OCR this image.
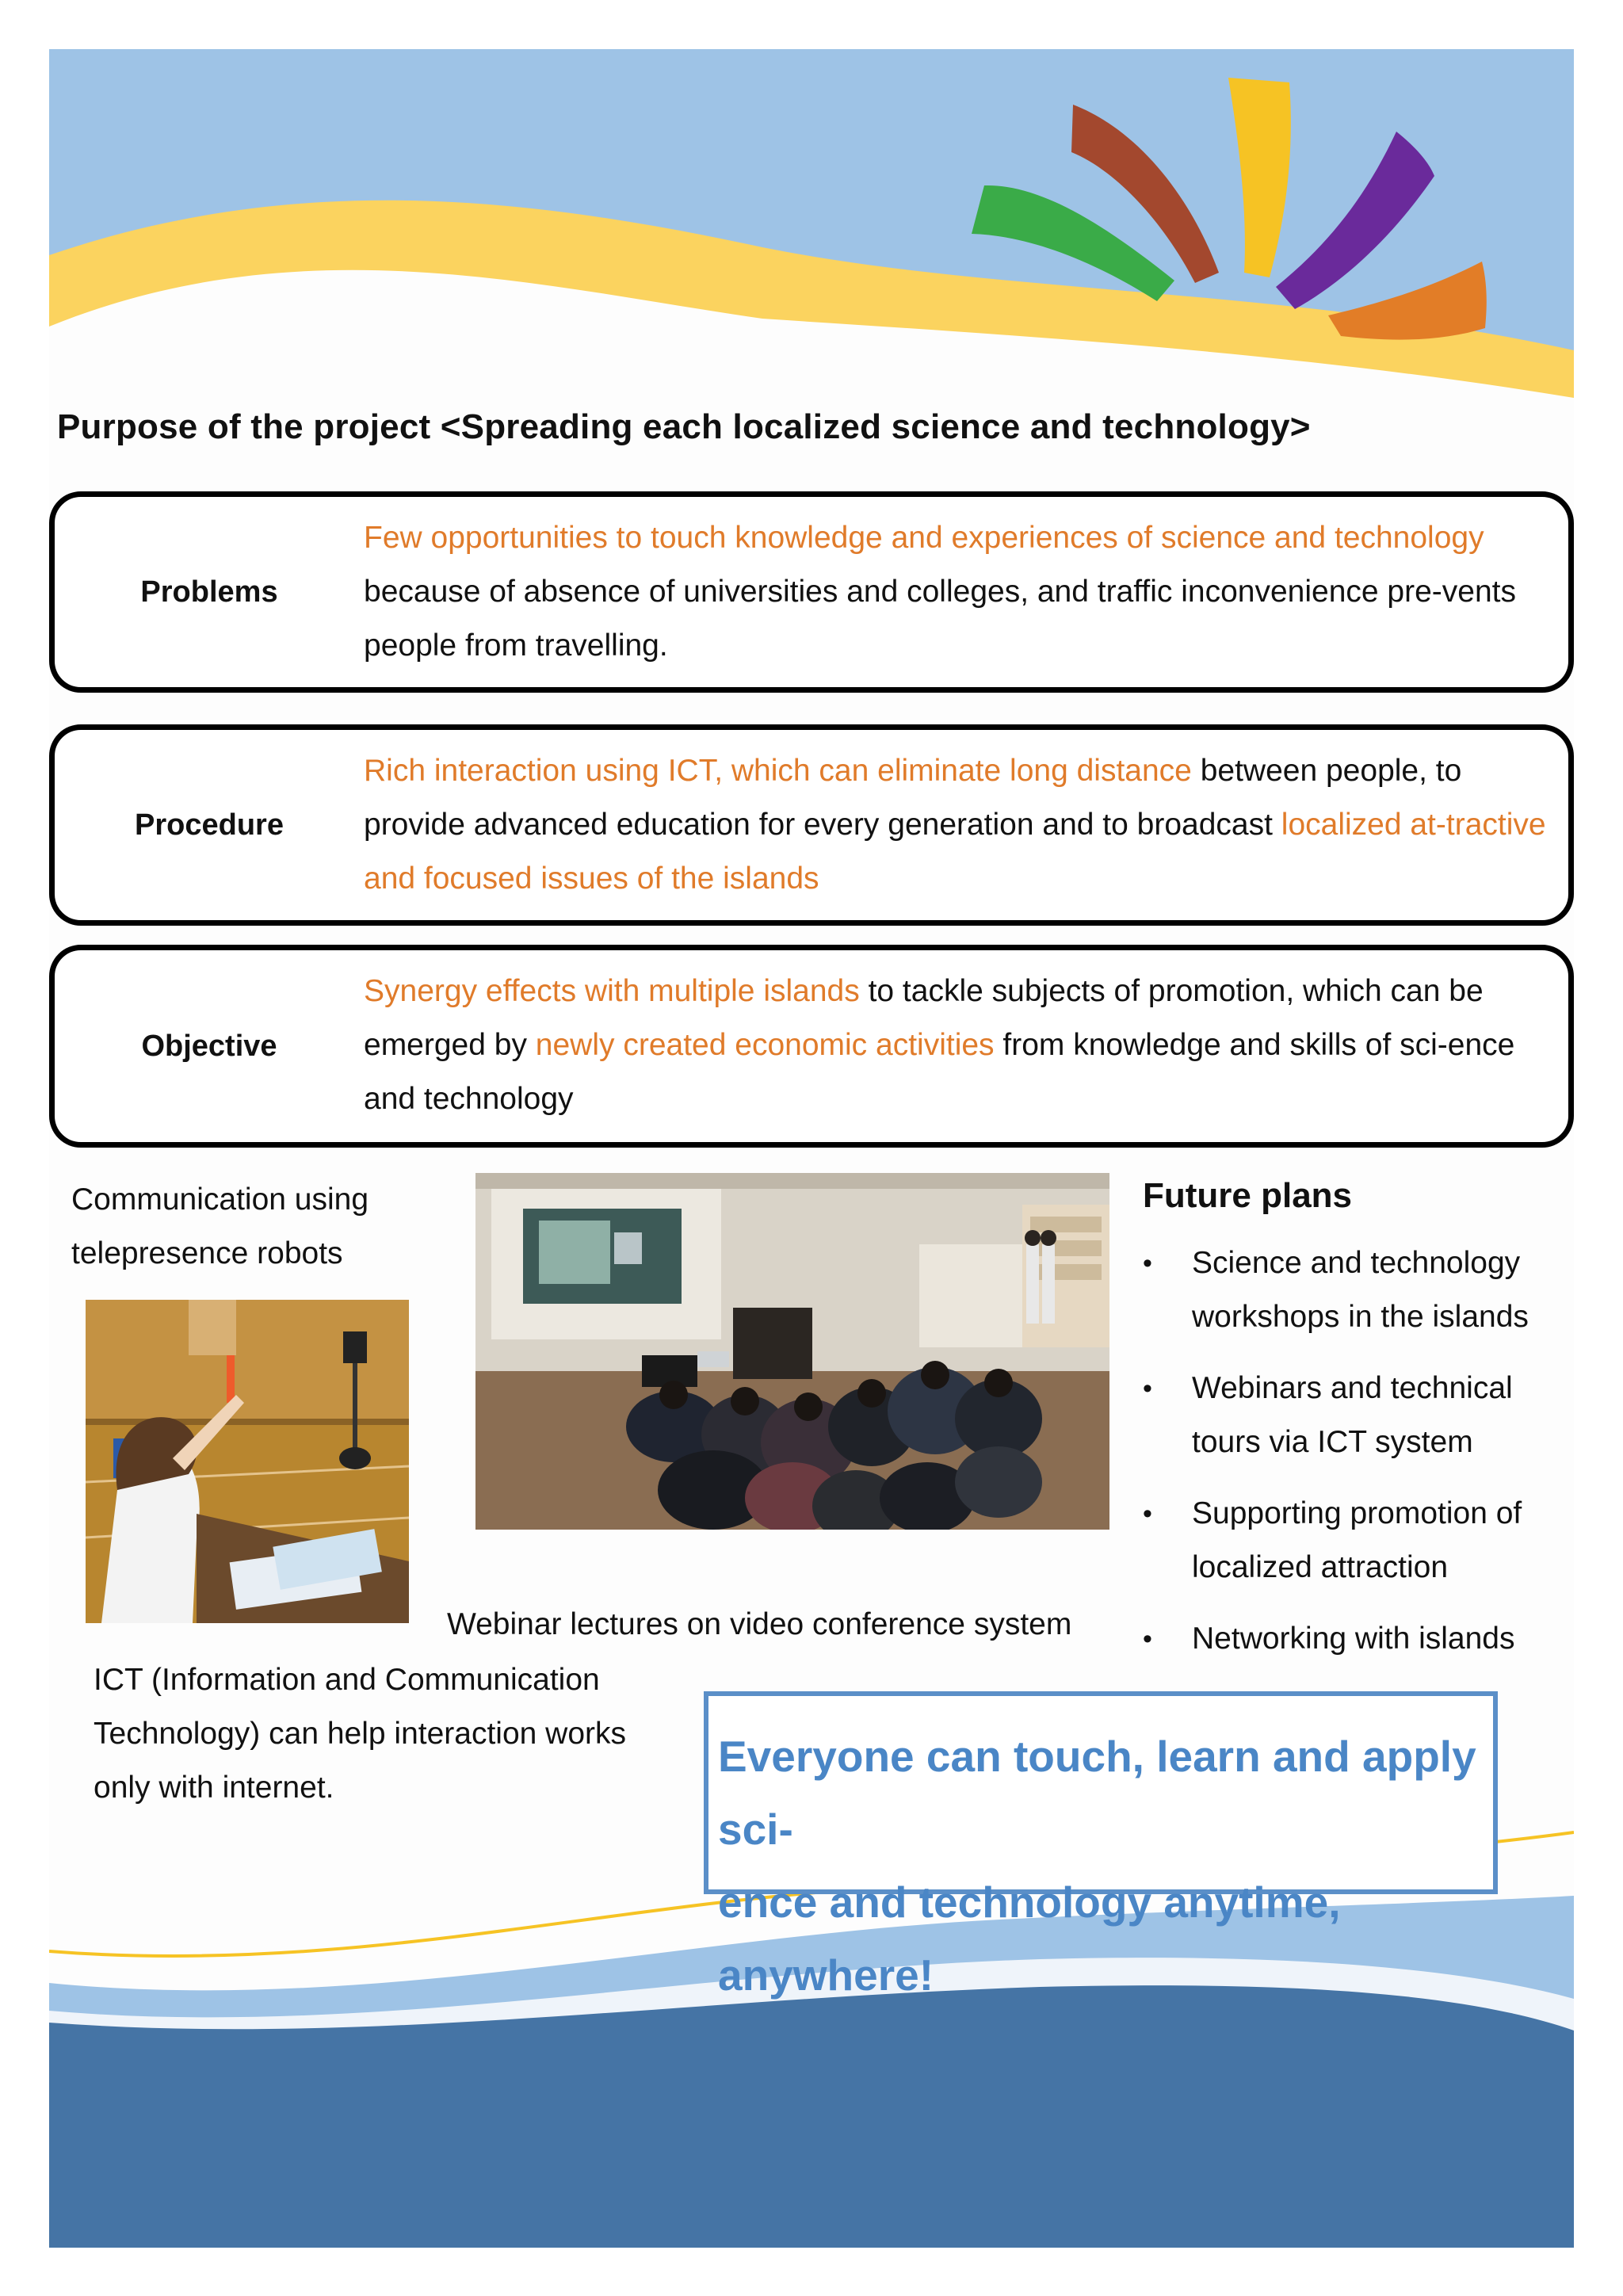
Purpose of the project <Spreading each localized science and technology>
Problems
Few opportunities to touch knowledge and experiences of science and technology because of absence of universities and colleges, and traffic inconvenience pre-vents people from travelling.
Procedure
Rich interaction using ICT, which can eliminate long distance between people, to provide advanced education for every generation and to broadcast localized at-tractive and focused issues of the islands
Objective
Synergy effects with multiple islands to tackle subjects of promotion, which can be emerged by newly created economic activities from knowledge and skills of sci-ence and technology
Communication using
telepresence robots
Webinar lectures on video conference system
ICT (Information and Communication
Technology) can help interaction works
only with internet.
Future plans
• Science and technology
workshops in the islands
• Webinars and technical
tours via ICT system
• Supporting promotion of
localized attraction
• Networking with islands
Everyone can touch, learn and apply sci-
ence and technology anytime, anywhere!
